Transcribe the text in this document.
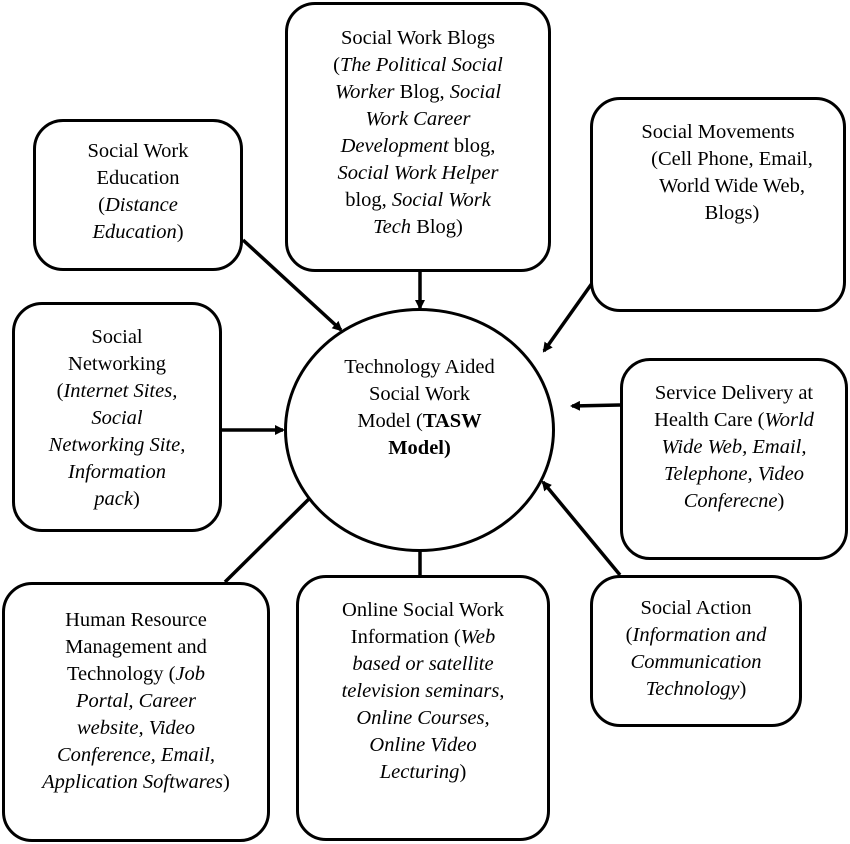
Technology Aided
Social Work
Model (TASW
Model)
Social Work Blogs
(The Political Social
Worker Blog, Social
Work Career
Development blog,
Social Work Helper
blog, Social Work
Tech Blog)
Social Work
Education
(Distance
Education)
Social Movements
(Cell Phone, Email,
World Wide Web,
Blogs)
Social
Networking
(Internet Sites,
Social
Networking Site,
Information
pack)
Service Delivery at
Health Care (World
Wide Web, Email,
Telephone, Video
Conferecne)
Human Resource
Management and
Technology (Job
Portal, Career
website, Video
Conference, Email,
Application Softwares)
Online Social Work
Information (Web
based or satellite
television seminars,
Online Courses,
Online Video
Lecturing)
Social Action
(Information and
Communication
Technology)
